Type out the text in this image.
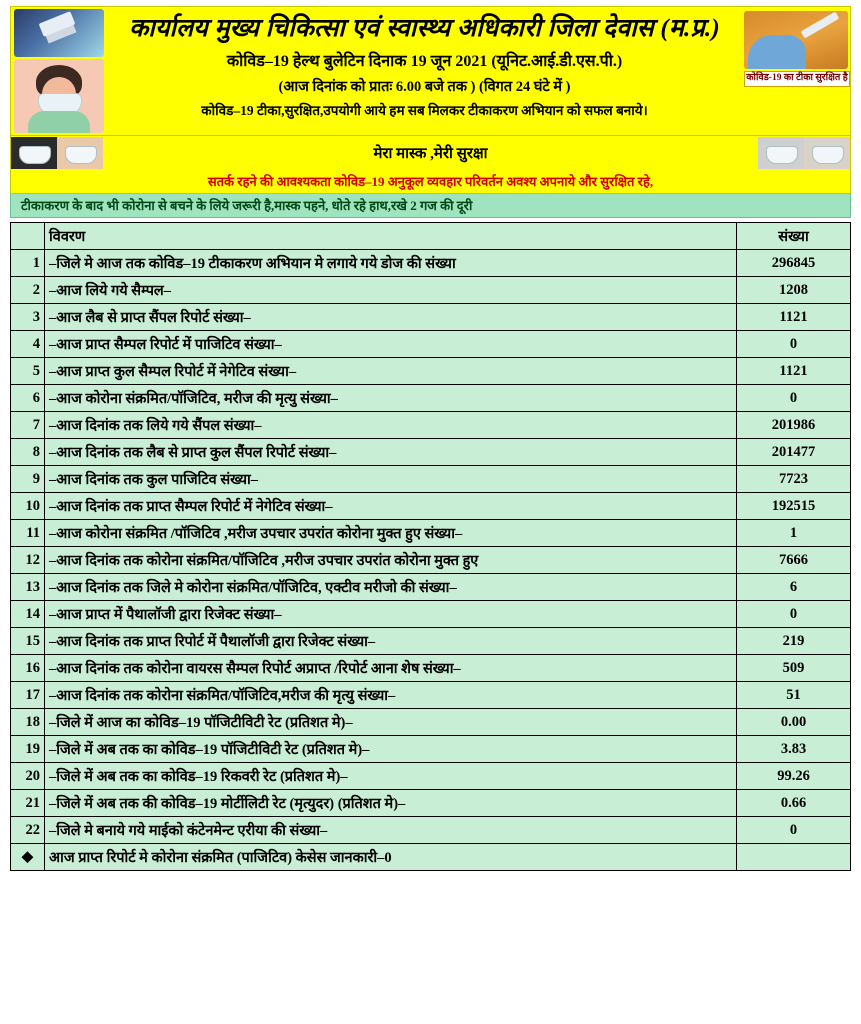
कार्यालय मुख्य चिकित्सा एवं स्वास्थ्य अधिकारी जिला देवास (म.प्र.)
कोविड–19 हेल्थ बुलेटिन दिनाक 19 जून 2021 (यूनिट.आई.डी.एस.पी.)
(आज दिनांक को प्रातः 6.00 बजे तक ) (विगत 24 घंटे में )
कोविड–19 टीका,सुरक्षित,उपयोगी आये हम सब मिलकर टीकाकरण अभियान को सफल बनाये।
कोविड-19 का टीका सुरक्षित है
मेरा मास्क ,मेरी सुरक्षा
सतर्क रहने की आवश्यकता कोविड–19 अनुकूल व्यवहार परिवर्तन अवश्य अपनाये और सुरक्षित रहे,
टीकाकरण के बाद भी कोरोना से बचने के लिये जरूरी है,मास्क पहने, धोते रहे हाथ,रखे 2 गज की दूरी
	विवरण	संख्या
1	–जिले मे आज तक कोविड–19 टीकाकरण अभियान मे लगाये गये डोज की संख्या	296845
2	–आज लिये गये सैम्पल–	1208
3	–आज लैब से प्राप्त सैंपल रिपोर्ट संख्या–	1121
4	–आज प्राप्त सैम्पल रिपोर्ट में पाजिटिव संख्या–	0
5	–आज प्राप्त कुल सैम्पल रिपोर्ट में नेगेटिव संख्या–	1121
6	–आज कोरोना संक्रमित/पॉजिटिव, मरीज की मृत्यु संख्या–	0
7	–आज दिनांक तक लिये गये सैंपल संख्या–	201986
8	–आज दिनांक तक लैब से प्राप्त कुल सैंपल रिपोर्ट संख्या–	201477
9	–आज दिनांक तक कुल पाजिटिव संख्या–	7723
10	–आज दिनांक तक प्राप्त सैम्पल रिपोर्ट में नेगेटिव संख्या–	192515
11	–आज कोरोना संक्रमित /पॉजिटिव ,मरीज उपचार उपरांत कोरोना मुक्त हुए संख्या–	1
12	–आज दिनांक तक कोरोना संक्रमित/पॉजिटिव ,मरीज उपचार उपरांत कोरोना मुक्त हुए	7666
13	–आज दिनांक तक जिले मे कोरोना संक्रमित/पॉजिटिव, एक्टीव मरीजो की संख्या–	6
14	–आज प्राप्त में पैथालॉजी द्वारा रिजेक्ट संख्या–	0
15	–आज दिनांक तक प्राप्त रिपोर्ट में पैथालॉजी द्वारा रिजेक्ट संख्या–	219
16	–आज दिनांक तक कोरोना वायरस सैम्पल रिपोर्ट अप्राप्त /रिपोर्ट आना शेष संख्या–	509
17	–आज दिनांक तक कोरोना संक्रमित/पॉजिटिव,मरीज की मृत्यु संख्या–	51
18	–जिले में आज का कोविड–19 पॉजिटीविटी रेट (प्रतिशत मे)–	0.00
19	–जिले में अब तक का कोविड–19 पॉजिटीविटी रेट (प्रतिशत मे)–	3.83
20	–जिले में अब तक का कोविड–19 रिकवरी रेट (प्रतिशत मे)–	99.26
21	–जिले में अब तक की कोविड–19 मोर्टीलिटी रेट (मृत्युदर) (प्रतिशत मे)–	0.66
22	–जिले मे बनाये गये माईको कंटेनमेन्ट एरीया की संख्या–	0
◆	आज प्राप्त रिपोर्ट मे कोरोना संक्रमित (पाजिटिव) केसेस जानकारी–0	
